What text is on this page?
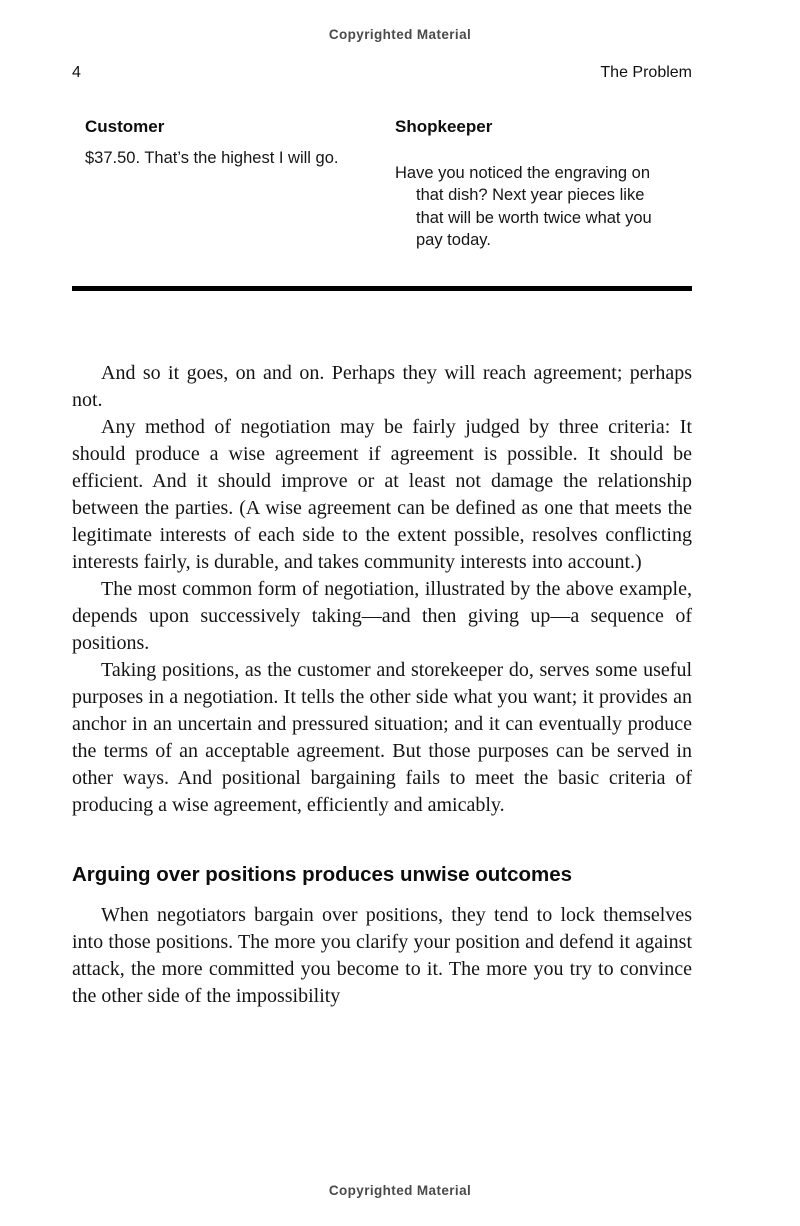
Copyrighted Material
4	The Problem
Customer

$37.50. That’s the highest I will go.

Shopkeeper

Have you noticed the engraving on that dish? Next year pieces like that will be worth twice what you pay today.

And so it goes, on and on. Perhaps they will reach agreement; perhaps not.

Any method of negotiation may be fairly judged by three criteria: It should produce a wise agreement if agreement is possible. It should be efficient. And it should improve or at least not damage the relationship between the parties. (A wise agreement can be defined as one that meets the legitimate interests of each side to the extent possible, resolves conflicting interests fairly, is durable, and takes community interests into account.)

The most common form of negotiation, illustrated by the above example, depends upon successively taking—and then giving up—a sequence of positions.

Taking positions, as the customer and storekeeper do, serves some useful purposes in a negotiation. It tells the other side what you want; it provides an anchor in an uncertain and pressured situation; and it can eventually produce the terms of an acceptable agreement. But those purposes can be served in other ways. And positional bargaining fails to meet the basic criteria of producing a wise agreement, efficiently and amicably.

Arguing over positions produces unwise outcomes

When negotiators bargain over positions, they tend to lock themselves into those positions. The more you clarify your position and defend it against attack, the more committed you become to it. The more you try to convince the other side of the impossibility

Copyrighted Material
